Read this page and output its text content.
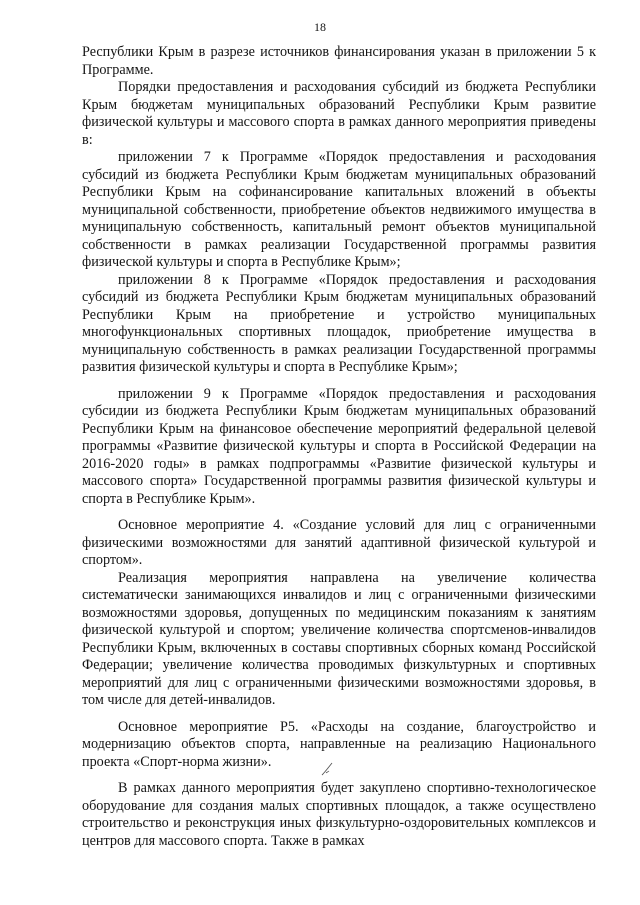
18

Республики Крым в разрезе источников финансирования указан в приложении 5 к Программе.

Порядки предоставления и расходования субсидий из бюджета Республики Крым бюджетам муниципальных образований Республики Крым развитие физической культуры и массового спорта в рамках данного мероприятия приведены в:

приложении 7 к Программе «Порядок предоставления и расходования субсидий из бюджета Республики Крым бюджетам муниципальных образований Республики Крым на софинансирование капитальных вложений в объекты муниципальной собственности, приобретение объектов недвижимого имущества в муниципальную собственность, капитальный ремонт объектов муниципальной собственности в рамках реализации Государственной программы развития физической культуры и спорта в Республике Крым»;

приложении 8 к Программе «Порядок предоставления и расходования субсидий из бюджета Республики Крым бюджетам муниципальных образований Республики Крым на приобретение и устройство муниципальных многофункциональных спортивных площадок, приобретение имущества в муниципальную собственность в рамках реализации Государственной программы развития физической культуры и спорта в Республике Крым»;

приложении 9 к Программе «Порядок предоставления и расходования субсидии из бюджета Республики Крым бюджетам муниципальных образований Республики Крым на финансовое обеспечение мероприятий федеральной целевой программы «Развитие физической культуры и спорта в Российской Федерации на 2016-2020 годы» в рамках подпрограммы «Развитие физической культуры и массового спорта» Государственной программы развития физической культуры и спорта в Республике Крым».

Основное мероприятие 4. «Создание условий для лиц с ограниченными физическими возможностями для занятий адаптивной физической культурой и спортом».

Реализация мероприятия направлена на увеличение количества систематически занимающихся инвалидов и лиц с ограниченными физическими возможностями здоровья, допущенных по медицинским показаниям к занятиям физической культурой и спортом; увеличение количества спортсменов-инвалидов Республики Крым, включенных в составы спортивных сборных команд Российской Федерации; увеличение количества проводимых физкультурных и спортивных мероприятий для лиц с ограниченными физическими возможностями здоровья, в том числе для детей-инвалидов.

Основное мероприятие Р5. «Расходы на создание, благоустройство и модернизацию объектов спорта, направленные на реализацию Национального проекта «Спорт-норма жизни».

В рамках данного мероприятия будет закуплено спортивно-технологическое оборудование для создания малых спортивных площадок, а также осуществлено строительство и реконструкция иных физкультурно-оздоровительных комплексов и центров для массового спорта. Также в рамках
